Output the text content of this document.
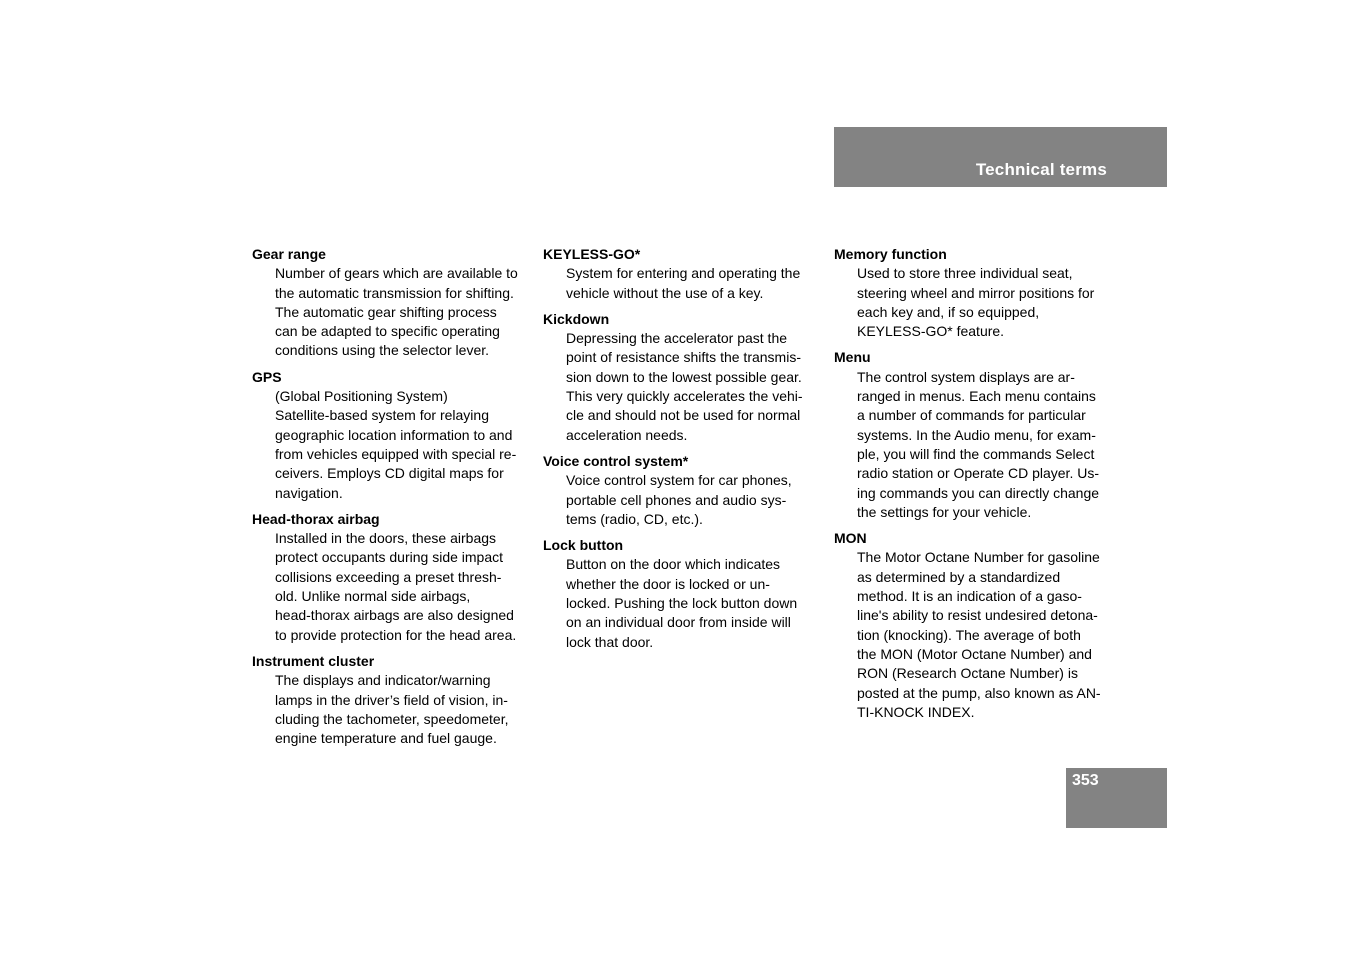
Technical terms

Gear range

Number of gears which are available to
the automatic transmission for shifting.
The automatic gear shifting process
can be adapted to specific operating
conditions using the selector lever.

GPS

(Global Positioning System)
Satellite-based system for relaying
geographic location information to and
from vehicles equipped with special re-
ceivers. Employs CD digital maps for
navigation.

Head-thorax airbag

Installed in the doors, these airbags
protect occupants during side impact
collisions exceeding a preset thresh-
old. Unlike normal side airbags,
head-thorax airbags are also designed
to provide protection for the head area.

Instrument cluster

The displays and indicator/warning
lamps in the driver’s field of vision, in-
cluding the tachometer, speedometer,
engine temperature and fuel gauge.

KEYLESS-GO*

System for entering and operating the
vehicle without the use of a key.

Kickdown

Depressing the accelerator past the
point of resistance shifts the transmis-
sion down to the lowest possible gear.
This very quickly accelerates the vehi-
cle and should not be used for normal
acceleration needs.

Voice control system*

Voice control system for car phones,
portable cell phones and audio sys-
tems (radio, CD, etc.).

Lock button

Button on the door which indicates
whether the door is locked or un-
locked. Pushing the lock button down
on an individual door from inside will
lock that door.

Memory function

Used to store three individual seat,
steering wheel and mirror positions for
each key and, if so equipped,
KEYLESS-GO* feature.

Menu

The control system displays are ar-
ranged in menus. Each menu contains
a number of commands for particular
systems. In the Audio menu, for exam-
ple, you will find the commands Select
radio station or Operate CD player. Us-
ing commands you can directly change
the settings for your vehicle.

MON

The Motor Octane Number for gasoline
as determined by a standardized
method. It is an indication of a gaso-
line's ability to resist undesired detona-
tion (knocking). The average of both
the MON (Motor Octane Number) and
RON (Research Octane Number) is
posted at the pump, also known as AN-
TI-KNOCK INDEX.

353
